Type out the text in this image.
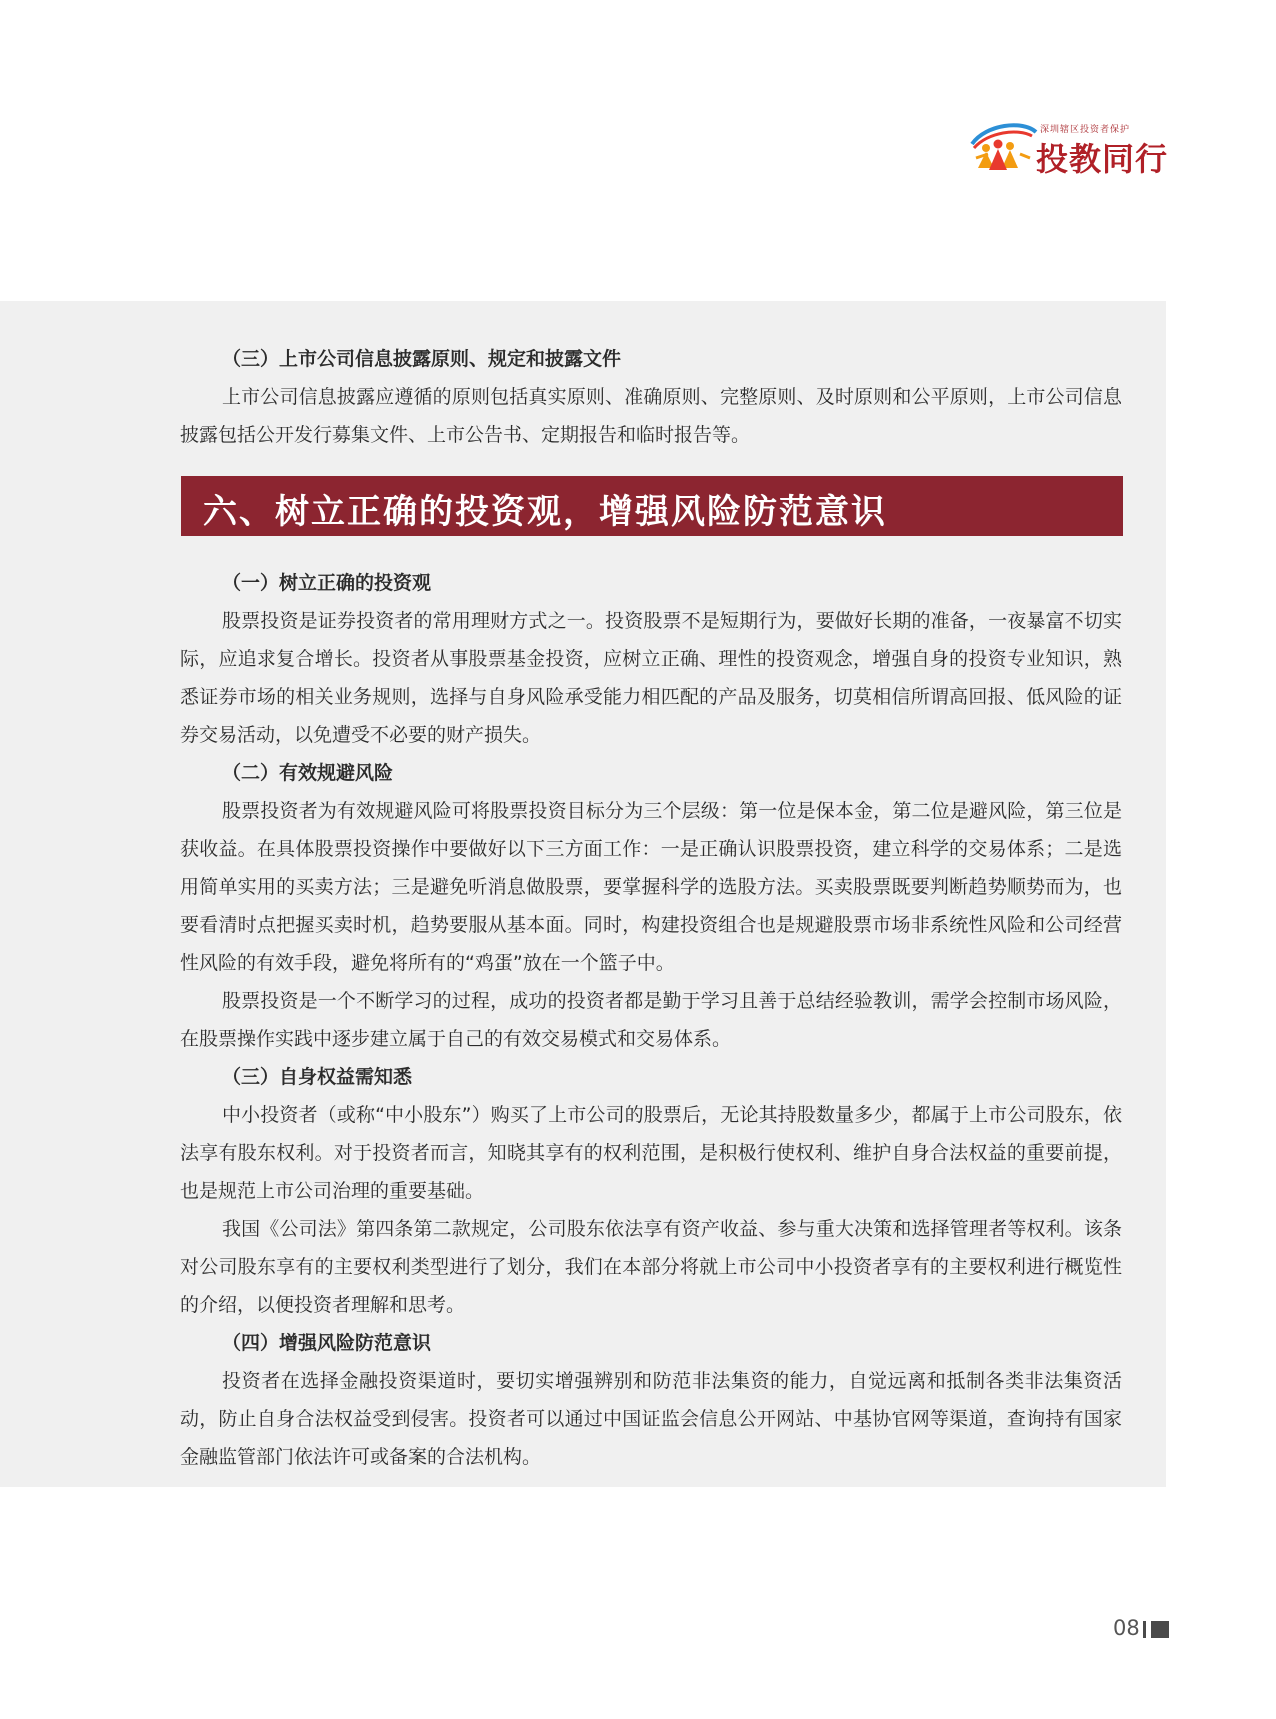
深圳辖区投资者保护
投教同行
（三）上市公司信息披露原则、规定和披露文件

上市公司信息披露应遵循的原则包括真实原则、准确原则、完整原则、及时原则和公平原则，上市公司信息披露包括公开发行募集文件、上市公告书、定期报告和临时报告等。

六、树立正确的投资观，增强风险防范意识
（一）树立正确的投资观

股票投资是证券投资者的常用理财方式之一。投资股票不是短期行为，要做好长期的准备，一夜暴富不切实际，应追求复合增长。投资者从事股票基金投资，应树立正确、理性的投资观念，增强自身的投资专业知识，熟悉证券市场的相关业务规则，选择与自身风险承受能力相匹配的产品及服务，切莫相信所谓高回报、低风险的证券交易活动，以免遭受不必要的财产损失。

（二）有效规避风险

股票投资者为有效规避风险可将股票投资目标分为三个层级：第一位是保本金，第二位是避风险，第三位是获收益。在具体股票投资操作中要做好以下三方面工作：一是正确认识股票投资，建立科学的交易体系；二是选用简单实用的买卖方法；三是避免听消息做股票，要掌握科学的选股方法。买卖股票既要判断趋势顺势而为，也要看清时点把握买卖时机，趋势要服从基本面。同时，构建投资组合也是规避股票市场非系统性风险和公司经营性风险的有效手段，避免将所有的“鸡蛋”放在一个篮子中。

股票投资是一个不断学习的过程，成功的投资者都是勤于学习且善于总结经验教训，需学会控制市场风险，在股票操作实践中逐步建立属于自己的有效交易模式和交易体系。

（三）自身权益需知悉

中小投资者（或称“中小股东”）购买了上市公司的股票后，无论其持股数量多少，都属于上市公司股东，依法享有股东权利。对于投资者而言，知晓其享有的权利范围，是积极行使权利、维护自身合法权益的重要前提，也是规范上市公司治理的重要基础。

我国《公司法》第四条第二款规定，公司股东依法享有资产收益、参与重大决策和选择管理者等权利。该条对公司股东享有的主要权利类型进行了划分，我们在本部分将就上市公司中小投资者享有的主要权利进行概览性的介绍，以便投资者理解和思考。

（四）增强风险防范意识

投资者在选择金融投资渠道时，要切实增强辨别和防范非法集资的能力，自觉远离和抵制各类非法集资活动，防止自身合法权益受到侵害。投资者可以通过中国证监会信息公开网站、中基协官网等渠道，查询持有国家金融监管部门依法许可或备案的合法机构。

08
